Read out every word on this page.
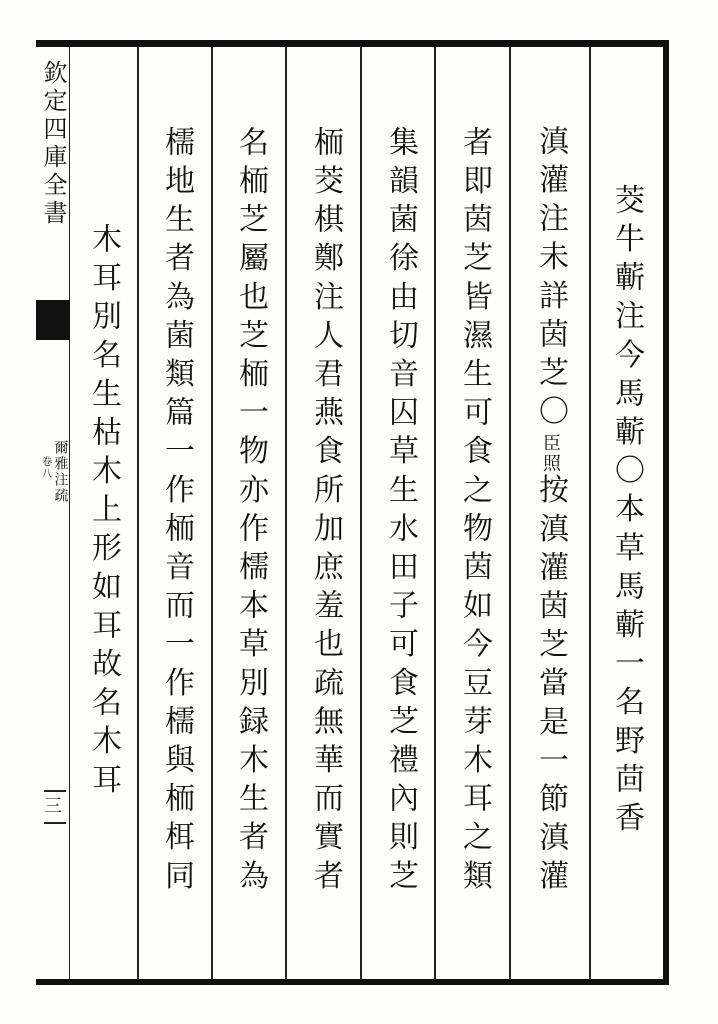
欽定四庫全書
爾雅注疏
卷八
三	茭牛蘄注今馬蘄〇本草馬蘄一名野茴香
滇灌注未詳茵芝〇臣照按滇灌茵芝當是一節滇灌
者即茵芝皆濕生可食之物茵如今豆芽木耳之類
集韻菌徐由切音囚草生水田子可食芝禮內則芝
栭茭棋鄭注人君燕食所加庶羞也疏無華而實者
名栭芝屬也芝栭一物亦作檽本草別録木生者為
檽地生者為菌類篇一作栭音而一作檽與栭栮同
木耳別名生枯木上形如耳故名木耳
